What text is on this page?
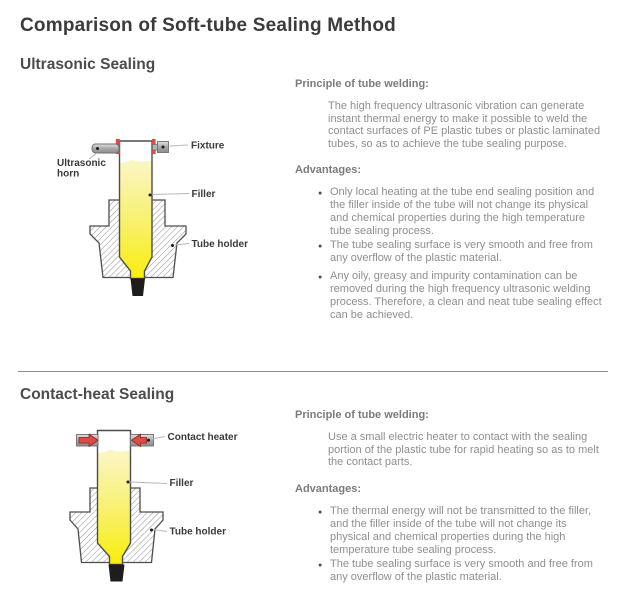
Comparison of Soft-tube Sealing Method
Ultrasonic Sealing
Fixture
Ultrasonic
horn
Filler
Tube holder
Principle of tube welding:

The high frequency ultrasonic vibration can generate instant thermal energy to make it possible to weld the contact surfaces of PE plastic tubes or plastic laminated tubes, so as to achieve the tube sealing purpose.

Advantages:
● Only local heating at the tube end sealing position and the filler inside of the tube will not change its physical and chemical properties during the high temperature tube sealing process.
● The tube sealing surface is very smooth and free from any overflow of the plastic material.
● Any oily, greasy and impurity contamination can be removed during the high frequency ultrasonic welding process. Therefore, a clean and neat tube sealing effect can be achieved.
Contact-heat Sealing
Contact heater
Filler
Tube holder
Principle of tube welding:

Use a small electric heater to contact with the sealing portion of the plastic tube for rapid heating so as to melt the contact parts.

Advantages:
● The thermal energy will not be transmitted to the filler, and the filler inside of the tube will not change its physical and chemical properties during the high temperature tube sealing process.
● The tube sealing surface is very smooth and free from any overflow of the plastic material.
